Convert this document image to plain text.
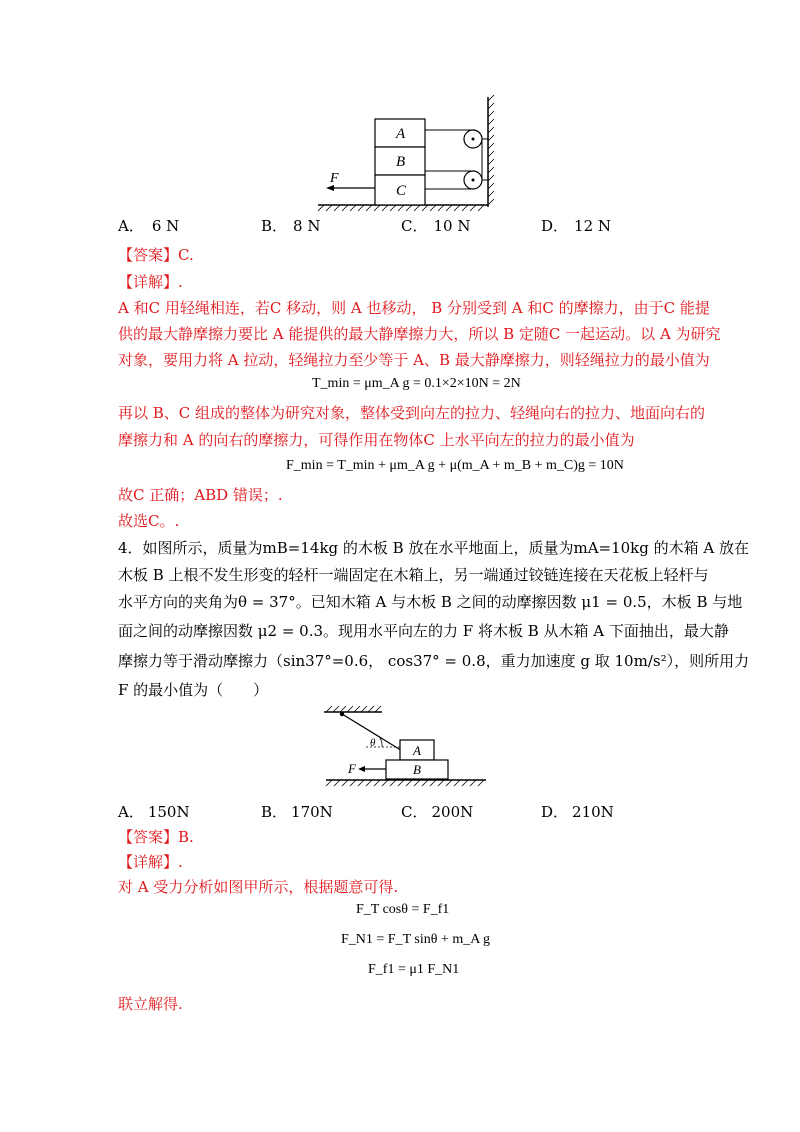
A
B
C
F
A． 6 N	B． 8 N	C． 10 N	D． 12 N
【答案】C.
【详解】.
A 和C 用轻绳相连，若C 移动，则 A 也移动， B 分别受到 A 和C 的摩擦力，由于C 能提
供的最大静摩擦力要比 A 能提供的最大静摩擦力大，所以 B 定随C 一起运动。以 A 为研究
对象，要用力将 A 拉动，轻绳拉力至少等于 A、B 最大静摩擦力，则轻绳拉力的最小值为
T_min = μm_A g = 0.1×2×10N = 2N
再以 B、C 组成的整体为研究对象，整体受到向左的拉力、轻绳向右的拉力、地面向右的
摩擦力和 A 的向右的摩擦力，可得作用在物体C 上水平向左的拉力的最小值为
F_min = T_min + μm_A g + μ(m_A + m_B + m_C)g = 10N
故C 正确；ABD 错误；.
故选C。.
4．如图所示，质量为mB=14kg 的木板 B 放在水平地面上，质量为mA=10kg 的木箱 A 放在
木板 B 上根不发生形变的轻杆一端固定在木箱上，另一端通过铰链连接在天花板上轻杆与
水平方向的夹角为θ = 37°。已知木箱 A 与木板 B 之间的动摩擦因数 μ1 = 0.5，木板 B 与地
面之间的动摩擦因数 μ2 = 0.3。现用水平向左的力 F 将木板 B 从木箱 A 下面抽出，最大静
摩擦力等于滑动摩擦力（sin37°=0.6， cos37° = 0.8，重力加速度 g 取 10m/s²），则所用力
F 的最小值为（　　）
θ	A
B
F
A． 150N	B． 170N	C． 200N	D． 210N
【答案】B.
【详解】.
对 A 受力分析如图甲所示，根据题意可得.
F_T cosθ = F_f1
F_N1 = F_T sinθ + m_A g
F_f1 = μ1 F_N1
联立解得.
